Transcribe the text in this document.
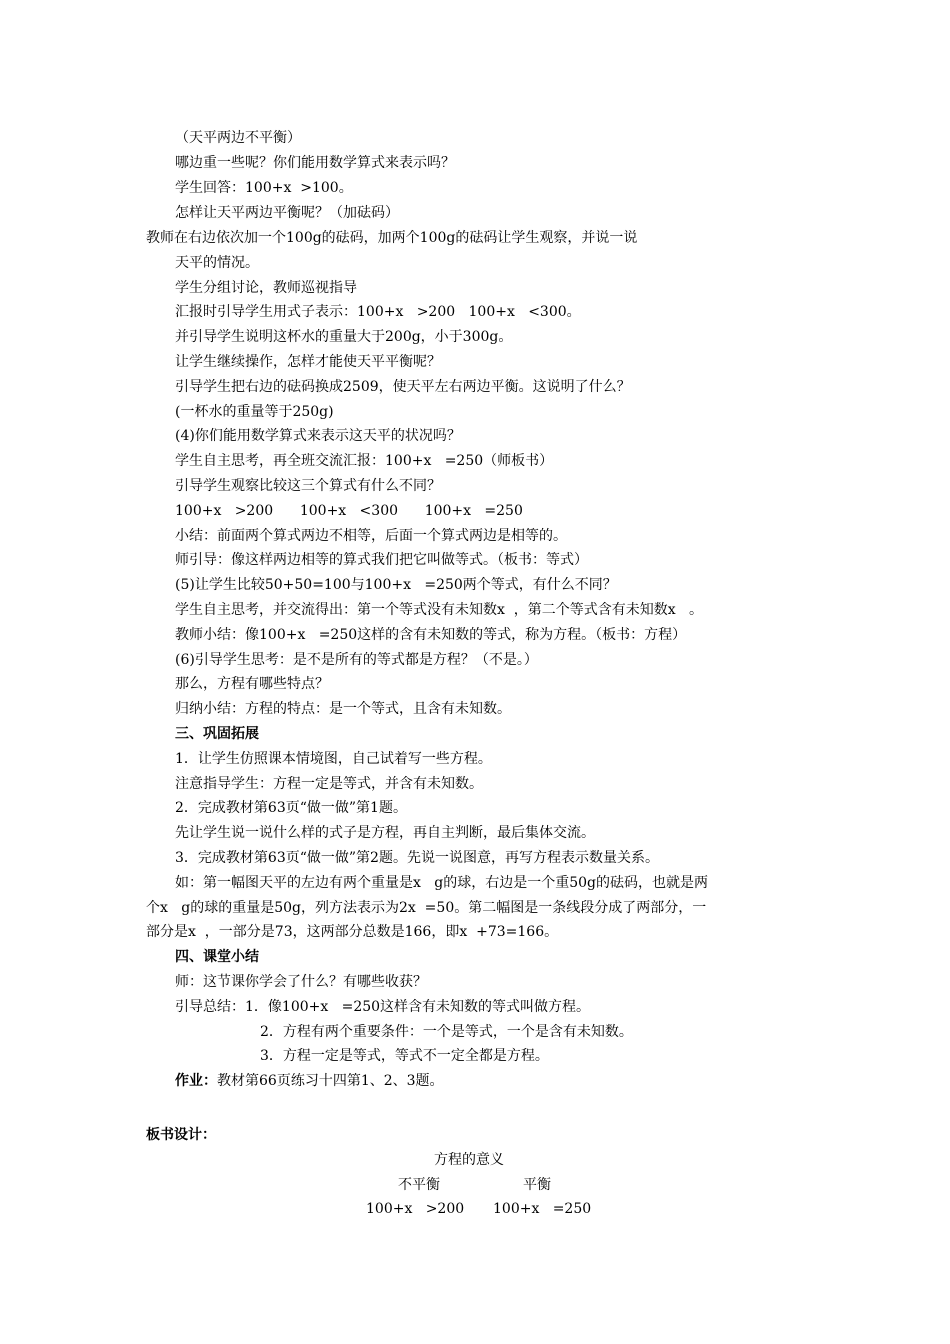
（天平两边不平衡）
哪边重一些呢？你们能用数学算式来表示吗？
学生回答：100+x  >100。
怎样让天平两边平衡呢？（加砝码）
教师在右边依次加一个100g的砝码，加两个100g的砝码让学生观察，并说一说
天平的情况。
学生分组讨论，教师巡视指导
汇报时引导学生用式子表示：100+x   >200   100+x   <300。
并引导学生说明这杯水的重量大于200g，小于300g。
让学生继续操作，怎样才能使天平平衡呢？
引导学生把右边的砝码换成2509，使天平左右两边平衡。这说明了什么？
(一杯水的重量等于250g)
(4)你们能用数学算式来表示这天平的状况吗？
学生自主思考，再全班交流汇报：100+x   =250（师板书）
引导学生观察比较这三个算式有什么不同？
100+x   >200      100+x   <300      100+x   =250
小结：前面两个算式两边不相等，后面一个算式两边是相等的。
师引导：像这样两边相等的算式我们把它叫做等式。（板书：等式）
(5)让学生比较50+50=100与100+x   =250两个等式，有什么不同？
学生自主思考，并交流得出：第一个等式没有未知数x  ，第二个等式含有未知数x   。
教师小结：像100+x   =250这样的含有未知数的等式，称为方程。（板书：方程）
(6)引导学生思考：是不是所有的等式都是方程？（不是。）
那么，方程有哪些特点？
归纳小结：方程的特点：是一个等式，且含有未知数。
三、巩固拓展
1．让学生仿照课本情境图，自己试着写一些方程。
注意指导学生：方程一定是等式，并含有未知数。
2．完成教材第63页“做一做”第1题。
先让学生说一说什么样的式子是方程，再自主判断，最后集体交流。
3．完成教材第63页“做一做”第2题。先说一说图意，再写方程表示数量关系。
如：第一幅图天平的左边有两个重量是x   g的球，右边是一个重50g的砝码，也就是两
个x   g的球的重量是50g，列方法表示为2x  =50。第二幅图是一条线段分成了两部分，一
部分是x  ，一部分是73，这两部分总数是166，即x  +73=166。
四、课堂小结
师：这节课你学会了什么？有哪些收获？
引导总结：1．像100+x   =250这样含有未知数的等式叫做方程。
2．方程有两个重要条件：一个是等式，一个是含有未知数。
3．方程一定是等式，等式不一定全都是方程。
作业：教材第66页练习十四第1、2、3题。
板书设计：
方程的意义
不平衡	平衡
100+x   >200 100+x   =250
